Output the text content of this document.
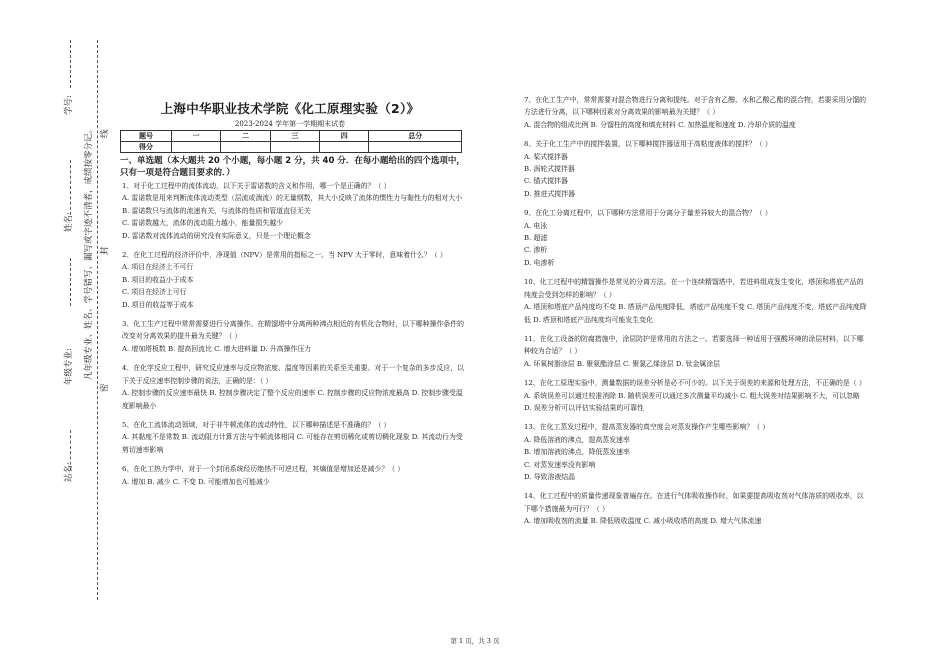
学号:
姓名:
年级专业:
站名:
凡年级专业、姓名、学号错写、漏写或字迹不清者，成绩按零分记。
密
封
线
上海中华职业技术学院《化工原理实验（2）》
2023-2024 学年第一学期期末试卷
题号	一	二	三	四	总分
得分					
一、单选题（本大题共 20 个小题，每小题 2 分，共 40 分．在每小题给出的四个选项中，只有一项是符合题目要求的．）
1、对于化工过程中的流体流动，以下关于雷诺数的含义和作用，哪一个是正确的？（ ）
A. 雷诺数是用来判断流体流动类型（层流或湍流）的无量纲数，其大小反映了流体的惯性力与黏性力的相对大小
B. 雷诺数只与流体的流速有关，与流体的性质和管道直径无关
C. 雷诺数越大，流体的流动阻力越小，能量损失越少
D. 雷诺数对流体流动的研究没有实际意义，只是一个理论概念
2、在化工过程的经济评价中，净现值（NPV）是常用的指标之一。当 NPV 大于零时，意味着什么？（ ）
A. 项目在经济上不可行
B. 项目的收益小于成本
C. 项目在经济上可行
D. 项目的收益等于成本
3、化工生产过程中常常需要进行分离操作。在精馏塔中分离两种沸点相近的有机化合物时，以下哪种操作条件的改变对分离效果的提升最为关键？（ ）
A. 增加塔板数 B. 提高回流比 C. 增大进料量 D. 升高操作压力
4、在化学反应工程中，研究反应速率与反应物浓度、温度等因素的关系至关重要。对于一个复杂的多步反应，以下关于反应速率控制步骤的说法，正确的是：（ ）
A. 控制步骤的反应速率最快 B. 控制步骤决定了整个反应的速率 C. 控制步骤的反应物浓度最高 D. 控制步骤受温度影响最小
5、在化工流体流动领域，对于非牛顿流体的流动特性，以下哪种描述是不准确的？（ ）
A. 其黏度不是常数 B. 流动阻力计算方法与牛顿流体相同 C. 可能存在剪切稀化或剪切稠化现象 D. 其流动行为受剪切速率影响
6、在化工热力学中，对于一个封闭系统经历绝热不可逆过程，其熵值是增加还是减少？（ ）
A. 增加 B. 减少 C. 不变 D. 可能增加也可能减少
7、在化工生产中，常常需要对混合物进行分离和提纯。对于含有乙醇、水和乙酸乙酯的混合物，若要采用分馏的方法进行分离，以下哪种因素对分离效果的影响最为关键？（ ）
A. 混合物的组成比例 B. 分馏柱的高度和填充材料 C. 加热温度和速度 D. 冷却介质的温度
8、关于化工生产中的搅拌装置，以下哪种搅拌器适用于高粘度液体的搅拌？（ ）
A. 桨式搅拌器
B. 涡轮式搅拌器
C. 锚式搅拌器
D. 推进式搅拌器
9、在化工分离过程中，以下哪种方法常用于分离分子量差异较大的混合物？（ ）
A. 电泳
B. 超滤
C. 渗析
D. 电渗析
10、化工过程中的精馏操作是常见的分离方法。在一个连续精馏塔中，若进料组成发生变化，塔顶和塔底产品的纯度会受到怎样的影响？（ ）
A. 塔顶和塔底产品纯度均不变 B. 塔顶产品纯度降低，塔底产品纯度不变 C. 塔顶产品纯度不变，塔底产品纯度降低 D. 塔顶和塔底产品纯度均可能发生变化
11、在化工设备的防腐措施中，涂层防护是常用的方法之一。若要选择一种适用于强酸环境的涂层材料，以下哪种较为合适？（ ）
A. 环氧树脂涂层 B. 聚氨酯涂层 C. 聚氯乙烯涂层 D. 钛金属涂层
12、在化工原理实验中，测量数据的误差分析是必不可少的。以下关于误差的来源和处理方法，不正确的是（ ）
A. 系统误差可以通过校准消除 B. 随机误差可以通过多次测量平均减小 C. 粗大误差对结果影响不大，可以忽略 D. 误差分析可以评估实验结果的可靠性
13、在化工蒸发过程中，提高蒸发器的真空度会对蒸发操作产生哪些影响？（ ）
A. 降低溶液的沸点，提高蒸发速率
B. 增加溶液的沸点，降低蒸发速率
C. 对蒸发速率没有影响
D. 导致溶液结晶
14、化工过程中的质量传递现象普遍存在。在进行气体吸收操作时，如果要提高吸收剂对气体溶质的吸收率，以下哪个措施最为可行？（ ）
A. 增加吸收剂的流量 B. 降低吸收温度 C. 减小吸收塔的高度 D. 增大气体流速
第 1 页，共 3 页
